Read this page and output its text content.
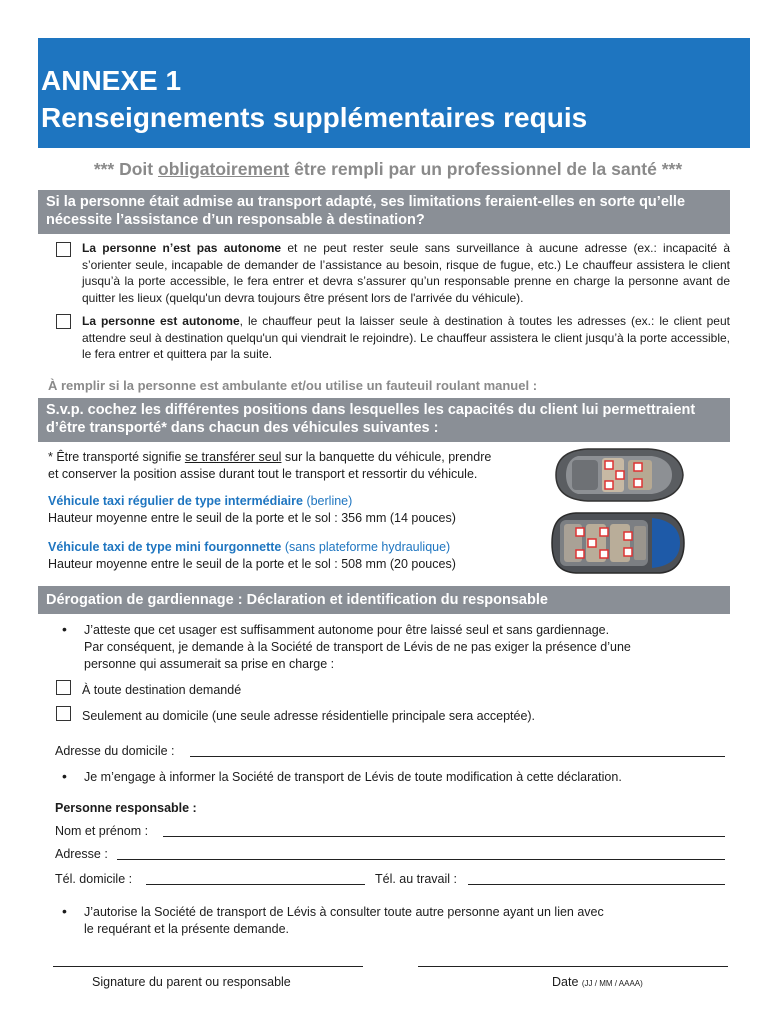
ANNEXE 1
Renseignements supplémentaires requis
*** Doit obligatoirement être rempli par un professionnel de la santé ***
Si la personne était admise au transport adapté, ses limitations feraient-elles en sorte qu’elle nécessite l’assistance d’un responsable à destination?
La personne n’est pas autonome et ne peut rester seule sans surveillance à aucune adresse (ex.: incapacité à s’orienter seule, incapable de demander de l’assistance au besoin, risque de fugue, etc.) Le chauffeur assistera le client jusqu’à la porte accessible, le fera entrer et devra s’assurer qu’un responsable prenne en charge la personne avant de quitter les lieux (quelqu'un devra toujours être présent lors de l'arrivée du véhicule).
La personne est autonome, le chauffeur peut la laisser seule à destination à toutes les adresses (ex.: le client peut attendre seul à destination quelqu'un qui viendrait le rejoindre). Le chauffeur assistera le client jusqu’à la porte accessible, le fera entrer et quittera par la suite.
À remplir si la personne est ambulante et/ou utilise un fauteuil roulant manuel :
S.v.p. cochez les différentes positions dans lesquelles les capacités du client lui permettraient d’être transporté* dans chacun des véhicules suivantes :
* Être transporté signifie se transférer seul sur la banquette du véhicule, prendre
et conserver la position assise durant tout le transport et ressortir du véhicule.
Véhicule taxi régulier de type intermédiaire (berline)
Hauteur moyenne entre le seuil de la porte et le sol : 356 mm (14 pouces)
Véhicule taxi de type mini fourgonnette (sans plateforme hydraulique)
Hauteur moyenne entre le seuil de la porte et le sol : 508 mm (20 pouces)
Dérogation de gardiennage : Déclaration et identification du responsable
• J’atteste que cet usager est suffisamment autonome pour être laissé seul et sans gardiennage.
Par conséquent, je demande à la Société de transport de Lévis de ne pas exiger la présence d’une
personne qui assumerait sa prise en charge :
À toute destination demandé
Seulement au domicile (une seule adresse résidentielle principale sera acceptée).
Adresse du domicile :
• Je m’engage à informer la Société de transport de Lévis de toute modification à cette déclaration.
Personne responsable :
Nom et prénom :
Adresse :
Tél. domicile :	Tél. au travail :
• J’autorise la Société de transport de Lévis à consulter toute autre personne ayant un lien avec
le requérant et la présente demande.
Signature du parent ou responsable	Date (JJ / MM / AAAA)
